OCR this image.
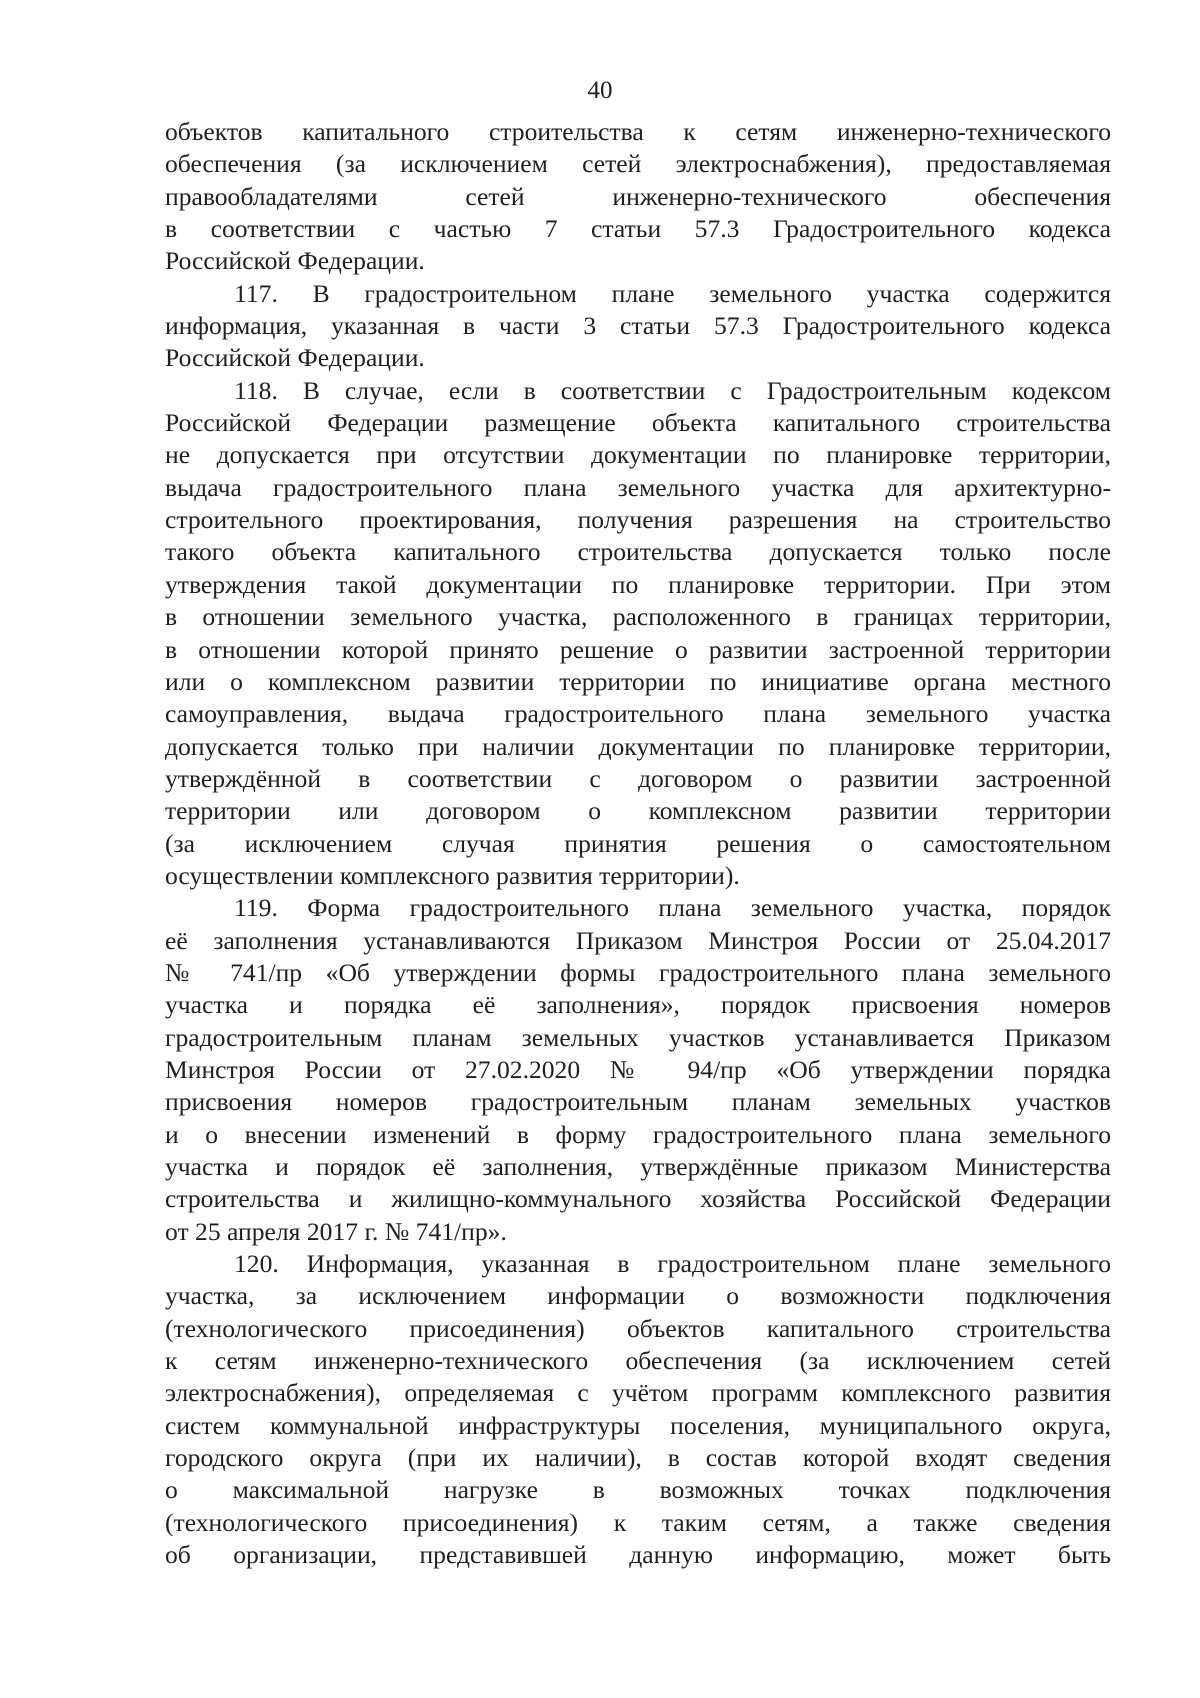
40

объектов капитального строительства к сетям инженерно-технического
обеспечения (за исключением сетей электроснабжения), предоставляемая
правообладателями сетей инженерно-технического обеспечения
в соответствии с частью 7 статьи 57.3 Градостроительного кодекса
Российской Федерации.

117. В градостроительном плане земельного участка содержится
информация, указанная в части 3 статьи 57.3 Градостроительного кодекса
Российской Федерации.

118. В случае, если в соответствии с Градостроительным кодексом
Российской Федерации размещение объекта капитального строительства
не допускается при отсутствии документации по планировке территории,
выдача градостроительного плана земельного участка для архитектурно-
строительного проектирования, получения разрешения на строительство
такого объекта капитального строительства допускается только после
утверждения такой документации по планировке территории. При этом
в отношении земельного участка, расположенного в границах территории,
в отношении которой принято решение о развитии застроенной территории
или о комплексном развитии территории по инициативе органа местного
самоуправления, выдача градостроительного плана земельного участка
допускается только при наличии документации по планировке территории,
утверждённой в соответствии с договором о развитии застроенной
территории или договором о комплексном развитии территории
(за исключением случая принятия решения о самостоятельном
осуществлении комплексного развития территории).

119. Форма градостроительного плана земельного участка, порядок
её заполнения устанавливаются Приказом Минстроя России от 25.04.2017
№ 741/пр «Об утверждении формы градостроительного плана земельного
участка и порядка её заполнения», порядок присвоения номеров
градостроительным планам земельных участков устанавливается Приказом
Минстроя России от 27.02.2020 № 94/пр «Об утверждении порядка
присвоения номеров градостроительным планам земельных участков
и о внесении изменений в форму градостроительного плана земельного
участка и порядок её заполнения, утверждённые приказом Министерства
строительства и жилищно-коммунального хозяйства Российской Федерации
от 25 апреля 2017 г. № 741/пр».

120. Информация, указанная в градостроительном плане земельного
участка, за исключением информации о возможности подключения
(технологического присоединения) объектов капитального строительства
к сетям инженерно-технического обеспечения (за исключением сетей
электроснабжения), определяемая с учётом программ комплексного развития
систем коммунальной инфраструктуры поселения, муниципального округа,
городского округа (при их наличии), в состав которой входят сведения
о максимальной нагрузке в возможных точках подключения
(технологического присоединения) к таким сетям, а также сведения
об организации, представившей данную информацию, может быть
